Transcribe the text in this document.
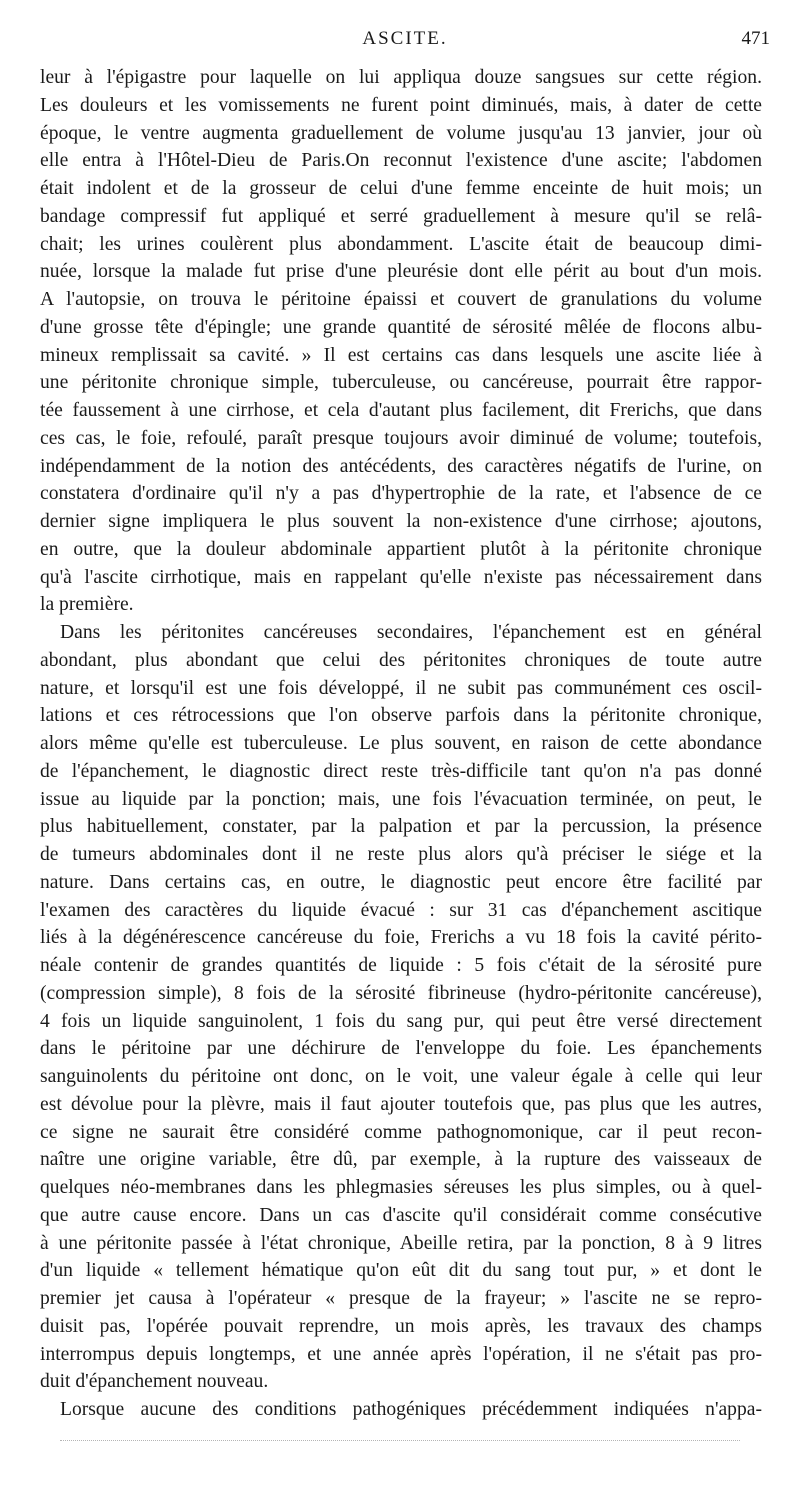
ASCITE.	471
leur à l'épigastre pour laquelle on lui appliqua douze sangsues sur cette région.
Les douleurs et les vomissements ne furent point diminués, mais, à dater de cette
époque, le ventre augmenta graduellement de volume jusqu'au 13 janvier, jour où
elle entra à l'Hôtel-Dieu de Paris.On reconnut l'existence d'une ascite; l'abdomen
était indolent et de la grosseur de celui d'une femme enceinte de huit mois; un
bandage compressif fut appliqué et serré graduellement à mesure qu'il se relâ-
chait; les urines coulèrent plus abondamment. L'ascite était de beaucoup dimi-
nuée, lorsque la malade fut prise d'une pleurésie dont elle périt au bout d'un mois.
A l'autopsie, on trouva le péritoine épaissi et couvert de granulations du volume
d'une grosse tête d'épingle; une grande quantité de sérosité mêlée de flocons albu-
mineux remplissait sa cavité. » Il est certains cas dans lesquels une ascite liée à
une péritonite chronique simple, tuberculeuse, ou cancéreuse, pourrait être rappor-
tée faussement à une cirrhose, et cela d'autant plus facilement, dit Frerichs, que dans
ces cas, le foie, refoulé, paraît presque toujours avoir diminué de volume; toutefois,
indépendamment de la notion des antécédents, des caractères négatifs de l'urine, on
constatera d'ordinaire qu'il n'y a pas d'hypertrophie de la rate, et l'absence de ce
dernier signe impliquera le plus souvent la non-existence d'une cirrhose; ajoutons,
en outre, que la douleur abdominale appartient plutôt à la péritonite chronique
qu'à l'ascite cirrhotique, mais en rappelant qu'elle n'existe pas nécessairement dans
la première.
Dans les péritonites cancéreuses secondaires, l'épanchement est en général
abondant, plus abondant que celui des péritonites chroniques de toute autre
nature, et lorsqu'il est une fois développé, il ne subit pas communément ces oscil-
lations et ces rétrocessions que l'on observe parfois dans la péritonite chronique,
alors même qu'elle est tuberculeuse. Le plus souvent, en raison de cette abondance
de l'épanchement, le diagnostic direct reste très-difficile tant qu'on n'a pas donné
issue au liquide par la ponction; mais, une fois l'évacuation terminée, on peut, le
plus habituellement, constater, par la palpation et par la percussion, la présence
de tumeurs abdominales dont il ne reste plus alors qu'à préciser le siége et la
nature. Dans certains cas, en outre, le diagnostic peut encore être facilité par
l'examen des caractères du liquide évacué : sur 31 cas d'épanchement ascitique
liés à la dégénérescence cancéreuse du foie, Frerichs a vu 18 fois la cavité périto-
néale contenir de grandes quantités de liquide : 5 fois c'était de la sérosité pure
(compression simple), 8 fois de la sérosité fibrineuse (hydro-péritonite cancéreuse),
4 fois un liquide sanguinolent, 1 fois du sang pur, qui peut être versé directement
dans le péritoine par une déchirure de l'enveloppe du foie. Les épanchements
sanguinolents du péritoine ont donc, on le voit, une valeur égale à celle qui leur
est dévolue pour la plèvre, mais il faut ajouter toutefois que, pas plus que les autres,
ce signe ne saurait être considéré comme pathognomonique, car il peut recon-
naître une origine variable, être dû, par exemple, à la rupture des vaisseaux de
quelques néo-membranes dans les phlegmasies séreuses les plus simples, ou à quel-
que autre cause encore. Dans un cas d'ascite qu'il considérait comme consécutive
à une péritonite passée à l'état chronique, Abeille retira, par la ponction, 8 à 9 litres
d'un liquide « tellement hématique qu'on eût dit du sang tout pur, » et dont le
premier jet causa à l'opérateur « presque de la frayeur; » l'ascite ne se repro-
duisit pas, l'opérée pouvait reprendre, un mois après, les travaux des champs
interrompus depuis longtemps, et une année après l'opération, il ne s'était pas pro-
duit d'épanchement nouveau.
Lorsque aucune des conditions pathogéniques précédemment indiquées n'appa-
